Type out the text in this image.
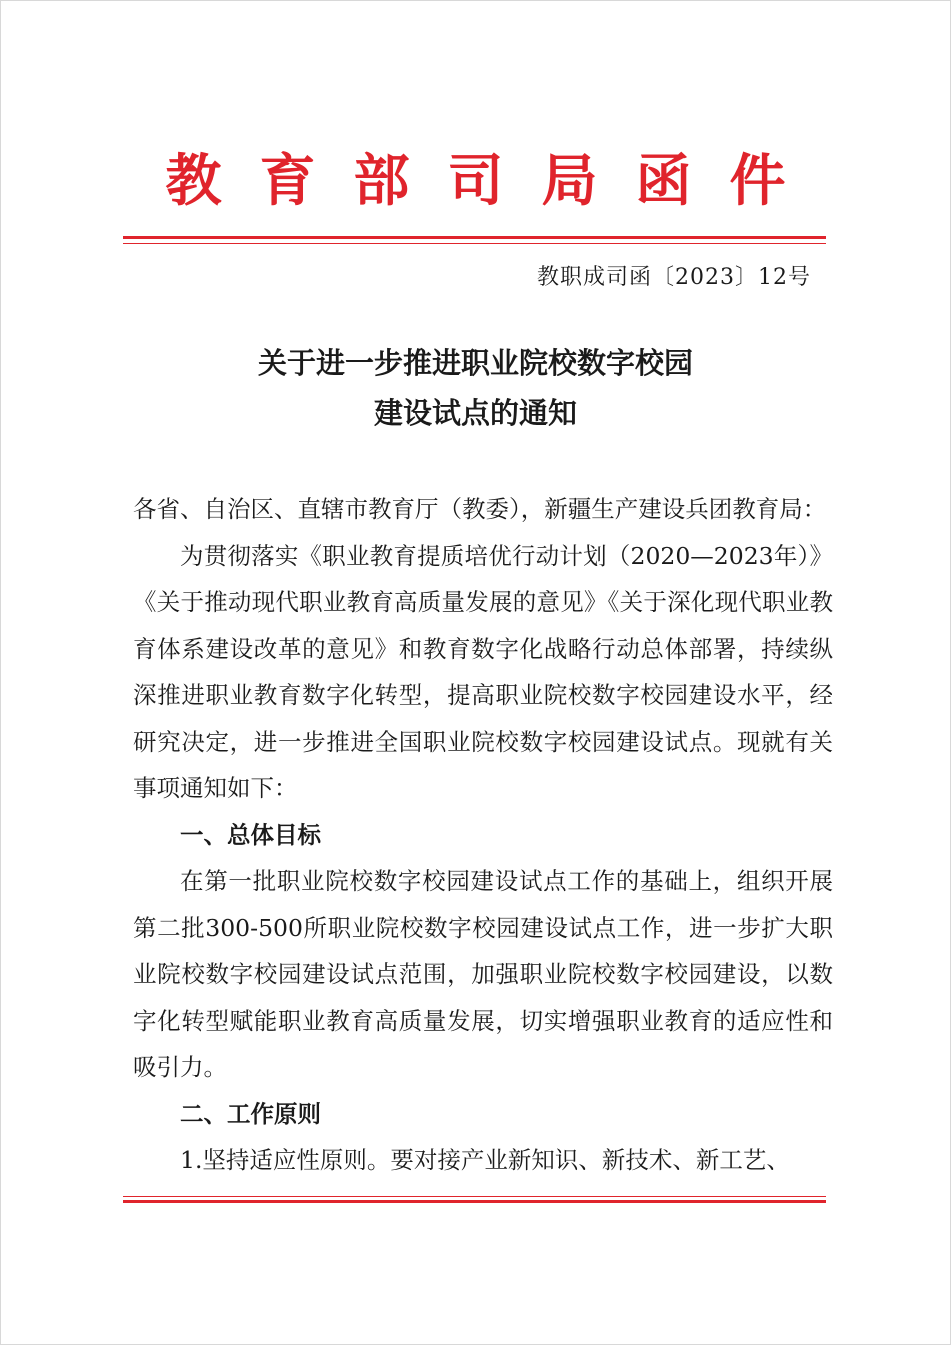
教育部司局函件
教职成司函〔2023〕12号
关于进一步推进职业院校数字校园
建设试点的通知

各省、自治区、直辖市教育厅（教委），新疆生产建设兵团教育局：

为贯彻落实《职业教育提质培优行动计划（2020—2023年）》《关于推动现代职业教育高质量发展的意见》《关于深化现代职业教育体系建设改革的意见》和教育数字化战略行动总体部署，持续纵深推进职业教育数字化转型，提高职业院校数字校园建设水平，经研究决定，进一步推进全国职业院校数字校园建设试点。现就有关事项通知如下：

一、总体目标

在第一批职业院校数字校园建设试点工作的基础上，组织开展第二批300-500所职业院校数字校园建设试点工作，进一步扩大职业院校数字校园建设试点范围，加强职业院校数字校园建设，以数字化转型赋能职业教育高质量发展，切实增强职业教育的适应性和吸引力。

二、工作原则

1.坚持适应性原则。要对接产业新知识、新技术、新工艺、
